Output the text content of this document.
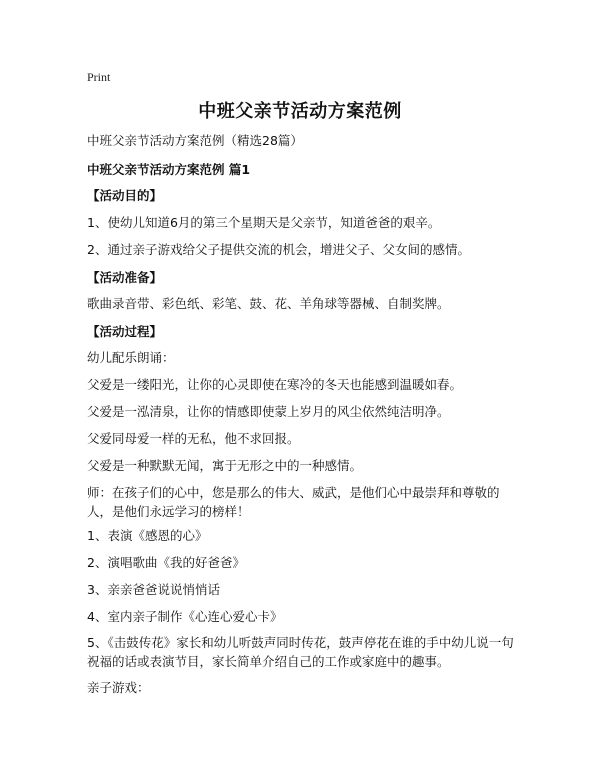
Print
中班父亲节活动方案范例
中班父亲节活动方案范例（精选28篇）
中班父亲节活动方案范例 篇1
【活动目的】
1、使幼儿知道6月的第三个星期天是父亲节，知道爸爸的艰辛。
2、通过亲子游戏给父子提供交流的机会，增进父子、父女间的感情。
【活动准备】
歌曲录音带、彩色纸、彩笔、鼓、花、羊角球等器械、自制奖牌。
【活动过程】
幼儿配乐朗诵：
父爱是一缕阳光，让你的心灵即使在寒冷的冬天也能感到温暖如春。
父爱是一泓清泉，让你的情感即使蒙上岁月的风尘依然纯洁明净。
父爱同母爱一样的无私，他不求回报。
父爱是一种默默无闻，寓于无形之中的一种感情。
师：在孩子们的心中，您是那么的伟大、威武，是他们心中最崇拜和尊敬的人，是他们永远学习的榜样！
1、表演《感恩的心》
2、演唱歌曲《我的好爸爸》
3、亲亲爸爸说说悄悄话
4、室内亲子制作《心连心爱心卡》
5、《击鼓传花》家长和幼儿听鼓声同时传花，鼓声停花在谁的手中幼儿说一句祝福的话或表演节目，家长简单介绍自己的工作或家庭中的趣事。
亲子游戏：
